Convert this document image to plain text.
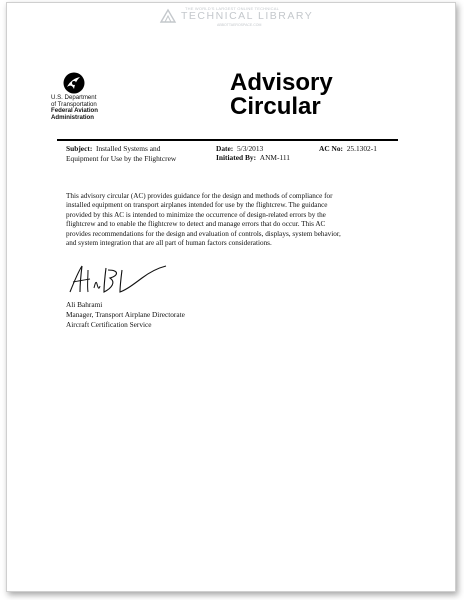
THE WORLD'S LARGEST ONLINE TECHNICAL
TECHNICAL LIBRARY
ABBOTTAEROSPACE.COM
U.S. Department
of Transportation
Federal Aviation
Administration
Advisory
Circular
Subject: Installed Systems and
Equipment for Use by the Flightcrew
Date: 5/3/2013
Initiated By: ANM-111
AC No: 25.1302-1
This advisory circular (AC) provides guidance for the design and methods of compliance for
installed equipment on transport airplanes intended for use by the flightcrew. The guidance
provided by this AC is intended to minimize the occurrence of design-related errors by the
flightcrew and to enable the flightcrew to detect and manage errors that do occur. This AC
provides recommendations for the design and evaluation of controls, displays, system behavior,
and system integration that are all part of human factors considerations.
Ali Bahrami
Manager, Transport Airplane Directorate
Aircraft Certification Service
